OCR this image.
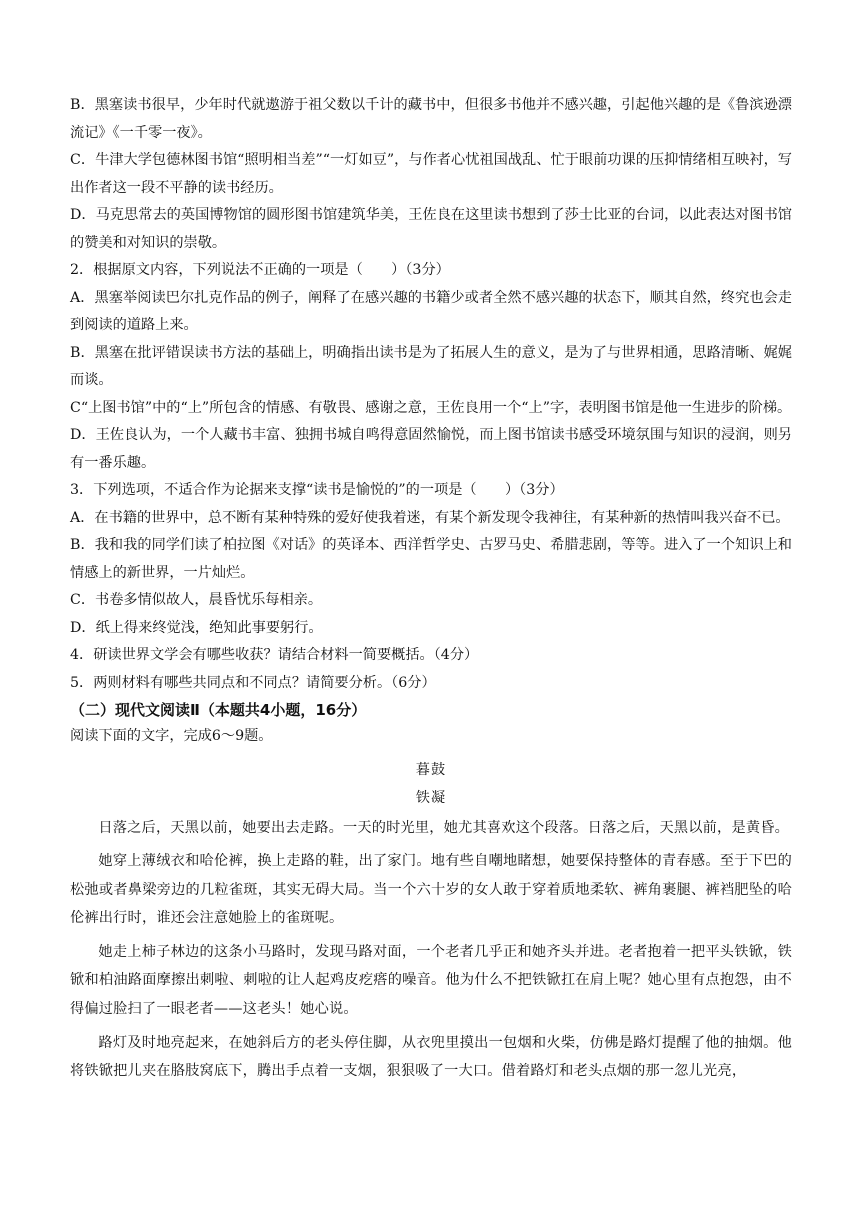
B．黑塞读书很早，少年时代就遨游于祖父数以千计的藏书中，但很多书他并不感兴趣，引起他兴趣的是《鲁滨逊漂流记》《一千零一夜》。

C．牛津大学包德林图书馆“照明相当差”“一灯如豆”，与作者心忧祖国战乱、忙于眼前功课的压抑情绪相互映衬，写出作者这一段不平静的读书经历。

D．马克思常去的英国博物馆的圆形图书馆建筑华美，王佐良在这里读书想到了莎士比亚的台词，以此表达对图书馆的赞美和对知识的崇敬。

2．根据原文内容，下列说法不正确的一项是（　　）（3分）

A．黑塞举阅读巴尔扎克作品的例子，阐释了在感兴趣的书籍少或者全然不感兴趣的状态下，顺其自然，终究也会走到阅读的道路上来。

B．黑塞在批评错误读书方法的基础上，明确指出读书是为了拓展人生的意义，是为了与世界相通，思路清晰、娓娓而谈。

C“上图书馆”中的“上”所包含的情感、有敬畏、感谢之意，王佐良用一个“上”字，表明图书馆是他一生进步的阶梯。

D．王佐良认为，一个人藏书丰富、独拥书城自鸣得意固然愉悦，而上图书馆读书感受环境氛围与知识的浸润，则另有一番乐趣。

3．下列选项，不适合作为论据来支撑“读书是愉悦的”的一项是（　　）（3分）

A．在书籍的世界中，总不断有某种特殊的爱好使我着迷，有某个新发现令我神往，有某种新的热情叫我兴奋不已。

B．我和我的同学们读了柏拉图《对话》的英译本、西洋哲学史、古罗马史、希腊悲剧，等等。进入了一个知识上和情感上的新世界，一片灿烂。

C．书卷多情似故人，晨昏忧乐每相亲。

D．纸上得来终觉浅，绝知此事要躬行。

4．研读世界文学会有哪些收获？请结合材料一简要概括。（4分）

5．两则材料有哪些共同点和不同点？请简要分析。（6分）

（二）现代文阅读Ⅱ（本题共4小题，16分）

阅读下面的文字，完成6～9题。

暮鼓

铁凝

日落之后，天黑以前，她要出去走路。一天的时光里，她尤其喜欢这个段落。日落之后，天黑以前，是黄昏。

她穿上薄绒衣和哈伦裤，换上走路的鞋，出了家门。地有些自嘲地睹想，她要保持整体的青春感。至于下巴的松弛或者鼻梁旁边的几粒雀斑，其实无碍大局。当一个六十岁的女人敢于穿着质地柔软、裤角裹腿、裤裆肥坠的哈伦裤出行时，谁还会注意她脸上的雀斑呢。

她走上柿子林边的这条小马路时，发现马路对面，一个老者几乎正和她齐头并进。老者抱着一把平头铁锨，铁锨和柏油路面摩擦出刺啦、刺啦的让人起鸡皮疙瘩的噪音。他为什么不把铁锨扛在肩上呢？她心里有点抱怨，由不得偏过脸扫了一眼老者——这老头！她心说。

路灯及时地亮起来，在她斜后方的老头停住脚，从衣兜里摸出一包烟和火柴，仿佛是路灯提醒了他的抽烟。他将铁锨把儿夹在胳肢窝底下，腾出手点着一支烟，狠狠吸了一大口。借着路灯和老头点烟的那一忽儿光亮，
